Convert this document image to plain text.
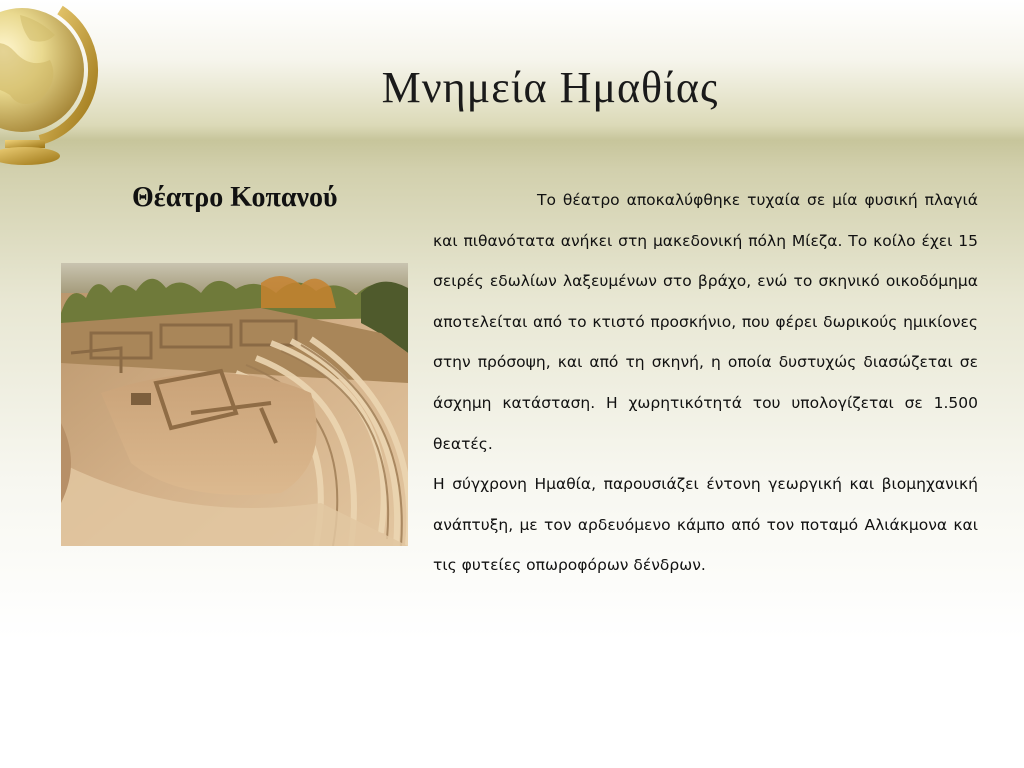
Μνημεία Ημαθίας
Θέατρο Κοπανού	Το θέατρο αποκαλύφθηκε τυχαία σε μία φυσική πλαγιά και πιθανότατα ανήκει στη μακεδονική πόλη Μίεζα. Το κοίλο έχει 15 σειρές εδωλίων λαξευμένων στο βράχο, ενώ το σκηνικό οικοδόμημα αποτελείται από το κτιστό προσκήνιο, που φέρει δωρικούς ημικίονες στην πρόσοψη, και από τη σκηνή, η οποία δυστυχώς διασώζεται σε άσχημη κατάσταση. Η χωρητικότητά του υπολογίζεται σε 1.500 θεατές.

Η σύγχρονη Ημαθία, παρουσιάζει έντονη γεωργική και βιομηχανική ανάπτυξη, με τον αρδευόμενο κάμπο από τον ποταμό Αλιάκμονα και τις φυτείες οπωροφόρων δένδρων.
